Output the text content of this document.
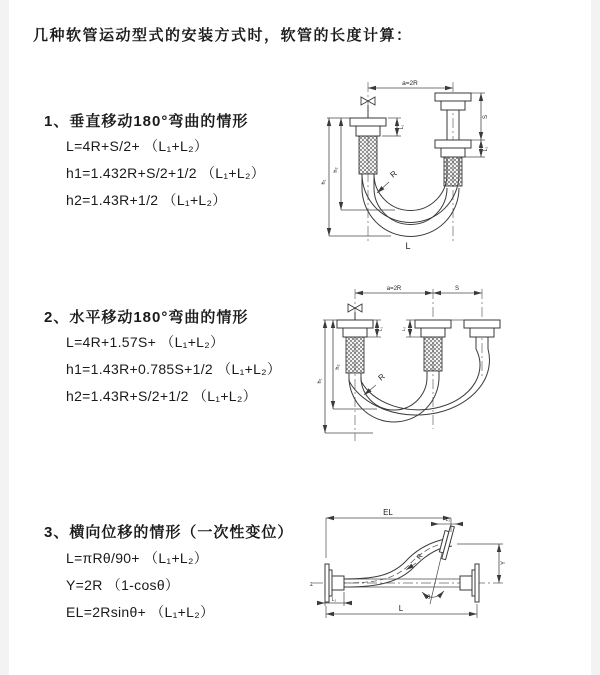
几种软管运动型式的安装方式时，软管的长度计算：
1、垂直移动180°弯曲的情形
L=4R+S/2+ （L₁+L₂）
h1=1.432R+S/2+1/2 （L₁+L₂）
h2=1.43R+1/2 （L₁+L₂）
2、水平移动180°弯曲的情形
L=4R+1.57S+ （L₁+L₂）
h1=1.43R+0.785S+1/2 （L₁+L₂）
h2=1.43R+S/2+1/2 （L₁+L₂）
3、横向位移的情形（一次性变位）
L=πRθ/90+ （L₁+L₂）
Y=2R （1-cosθ）
EL=2Rsinθ+ （L₁+L₂）
a=2R
L₁
S
L₂
h₁
h₂	R
L
a=2R	S
L₁	L₂
h₁
h₂
R
z
θ
EL
L₂
Y
R
L₁
L
